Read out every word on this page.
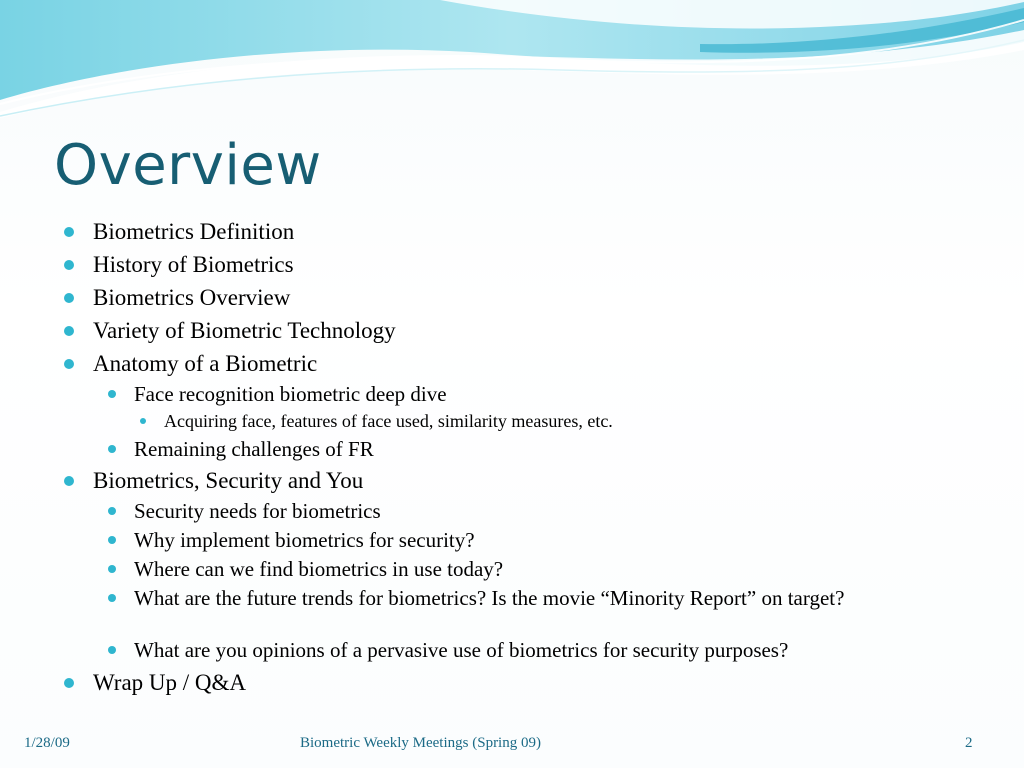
Overview
Biometrics Definition
History of Biometrics
Biometrics Overview
Variety of Biometric Technology
Anatomy of a Biometric
Face recognition biometric deep dive
Acquiring face, features of face used, similarity measures, etc.
Remaining challenges of FR
Biometrics, Security and You
Security needs for biometrics
Why implement biometrics for security?
Where can we find biometrics in use today?
What are the future trends for biometrics? Is the movie “Minority Report” on target?
What are you opinions of a pervasive use of biometrics for security purposes?
Wrap Up / Q&A
1/28/09	Biometric Weekly Meetings (Spring 09)	2
